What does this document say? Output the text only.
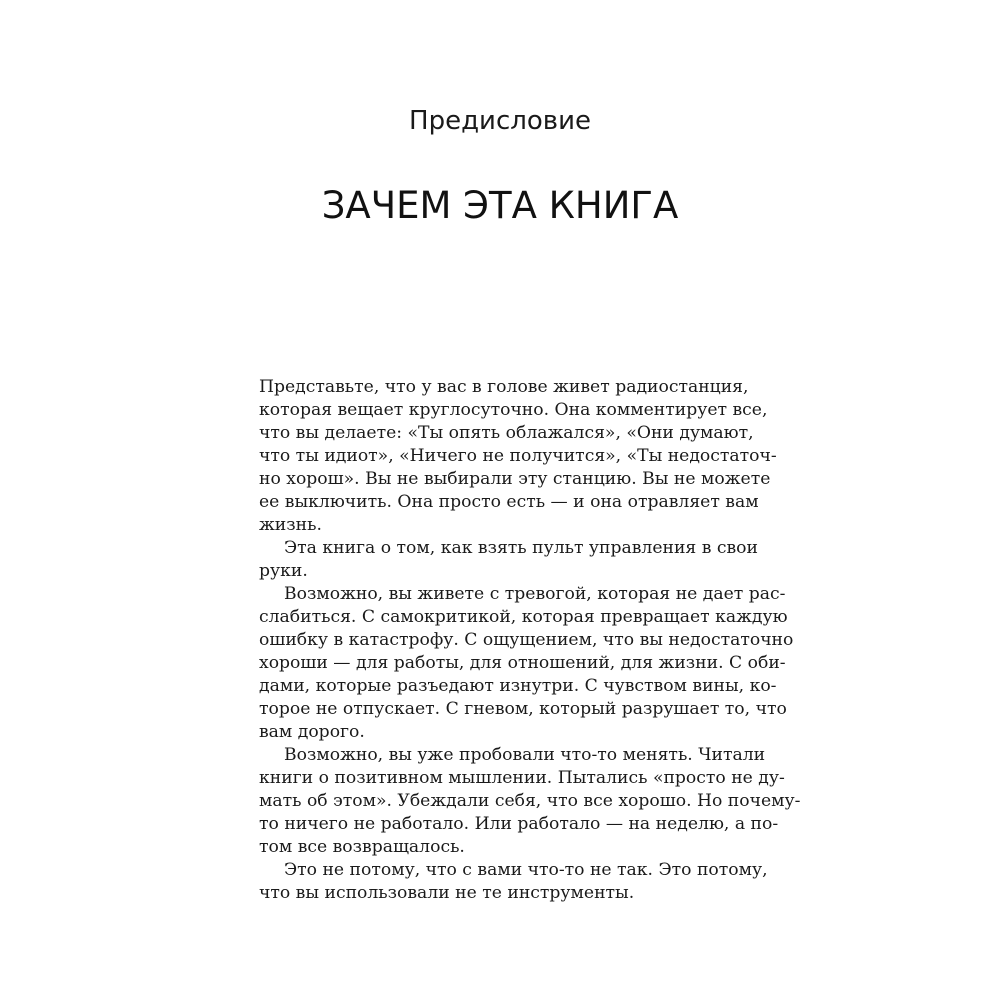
Предисловие
ЗАЧЕМ ЭТА КНИГА
Представьте, что у вас в голове живет радиостанция,
которая вещает круглосуточно. Она комментирует все,
что вы делаете: «Ты опять облажался», «Они думают,
что ты идиот», «Ничего не получится», «Ты недостаточ-
но хорош». Вы не выбирали эту станцию. Вы не можете
ее выключить. Она просто есть — и она отравляет вам
жизнь.
Эта книга о том, как взять пульт управления в свои
руки.
Возможно, вы живете с тревогой, которая не дает рас-
слабиться. С самокритикой, которая превращает каждую
ошибку в катастрофу. С ощущением, что вы недостаточно
хороши — для работы, для отношений, для жизни. С оби-
дами, которые разъедают изнутри. С чувством вины, ко-
торое не отпускает. С гневом, который разрушает то, что
вам дорого.
Возможно, вы уже пробовали что-то менять. Читали
книги о позитивном мышлении. Пытались «просто не ду-
мать об этом». Убеждали себя, что все хорошо. Но почему-
то ничего не работало. Или работало — на неделю, а по-
том все возвращалось.
Это не потому, что с вами что-то не так. Это потому,
что вы использовали не те инструменты.
